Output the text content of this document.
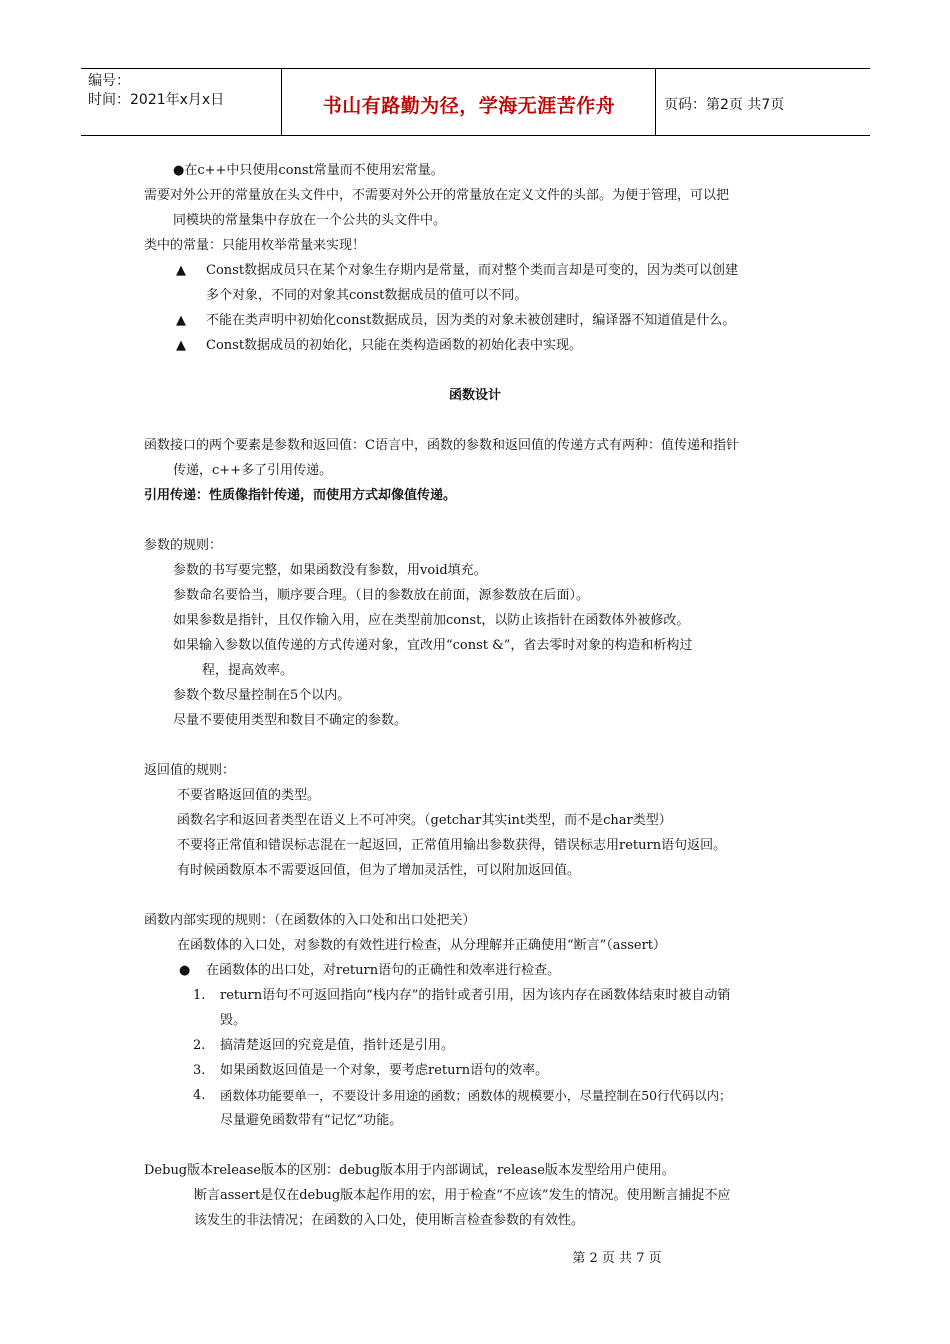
编号：
时间：2021年x月x日	书山有路勤为径，学海无涯苦作舟	页码：第2页 共7页
●在c++中只使用const常量而不使用宏常量。
需要对外公开的常量放在头文件中，不需要对外公开的常量放在定义文件的头部。为便于管理，可以把
同模块的常量集中存放在一个公共的头文件中。
类中的常量：只能用枚举常量来实现！
▲ Const数据成员只在某个对象生存期内是常量，而对整个类而言却是可变的，因为类可以创建
多个对象，不同的对象其const数据成员的值可以不同。
▲ 不能在类声明中初始化const数据成员，因为类的对象未被创建时，编译器不知道值是什么。
▲ Const数据成员的初始化，只能在类构造函数的初始化表中实现。
函数设计
函数接口的两个要素是参数和返回值：C语言中，函数的参数和返回值的传递方式有两种：值传递和指针
传递，c++多了引用传递。
引用传递：性质像指针传递，而使用方式却像值传递。
参数的规则：
参数的书写要完整，如果函数没有参数，用void填充。
参数命名要恰当，顺序要合理。（目的参数放在前面，源参数放在后面）。
如果参数是指针，且仅作输入用，应在类型前加const，以防止该指针在函数体外被修改。
如果输入参数以值传递的方式传递对象，宜改用“const &”，省去零时对象的构造和析构过
程，提高效率。
参数个数尽量控制在5个以内。
尽量不要使用类型和数目不确定的参数。
返回值的规则：
不要省略返回值的类型。
函数名字和返回者类型在语义上不可冲突。（getchar其实int类型，而不是char类型）
不要将正常值和错误标志混在一起返回，正常值用输出参数获得，错误标志用return语句返回。
有时候函数原本不需要返回值，但为了增加灵活性，可以附加返回值。
函数内部实现的规则：（在函数体的入口处和出口处把关）
在函数体的入口处，对参数的有效性进行检查，从分理解并正确使用“断言”（assert）
● 在函数体的出口处，对return语句的正确性和效率进行检查。
1. return语句不可返回指向“栈内存”的指针或者引用，因为该内存在函数体结束时被自动销
毁。
2. 搞清楚返回的究竟是值，指针还是引用。
3. 如果函数返回值是一个对象，要考虑return语句的效率。
4. 函数体功能要单一，不要设计多用途的函数；函数体的规模要小，尽量控制在50行代码以内；
尽量避免函数带有“记忆”功能。
Debug版本release版本的区别：debug版本用于内部调试，release版本发型给用户使用。
断言assert是仅在debug版本起作用的宏，用于检查“不应该”发生的情况。使用断言捕捉不应
该发生的非法情况；在函数的入口处，使用断言检查参数的有效性。
第 2 页 共 7 页
